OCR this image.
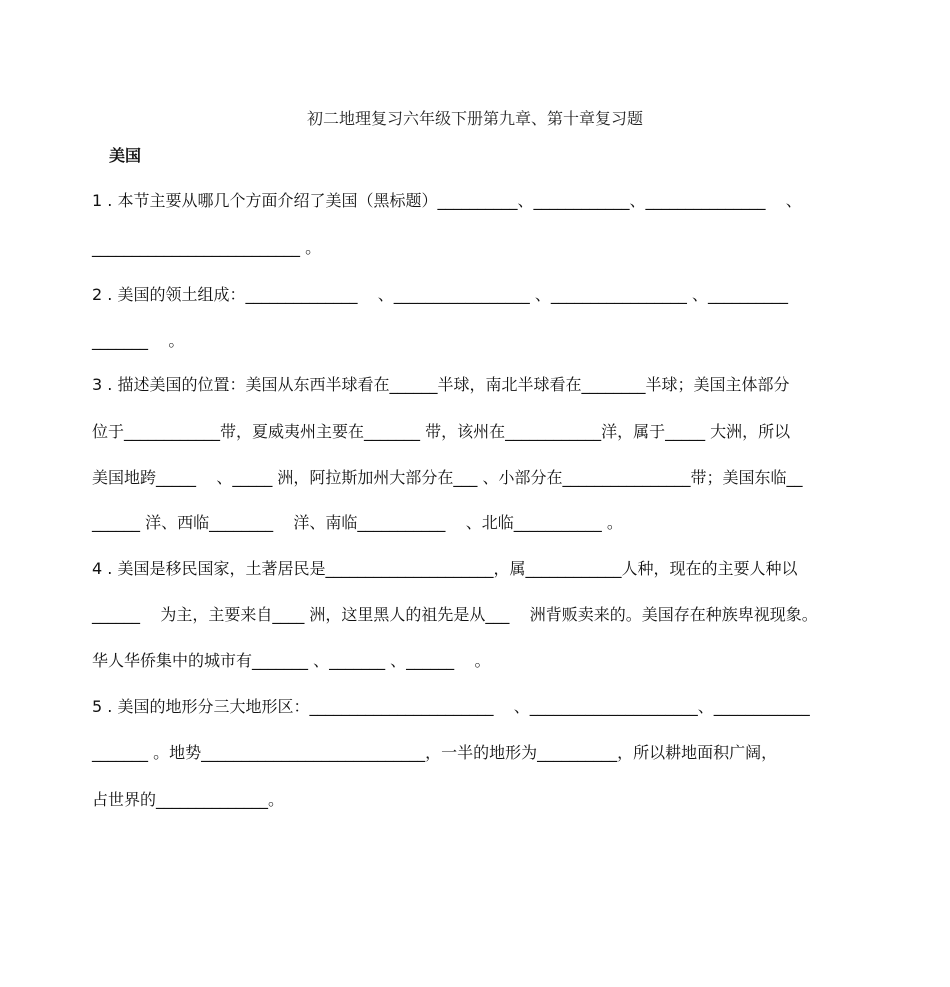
初二地理复习六年级下册第九章、第十章复习题
美国
1 . 本节主要从哪几个方面介绍了美国（黑标题）__________、____________、_______________    、
__________________________ 。
2 . 美国的领土组成：______________    、_________________ 、_________________ 、__________
_______    。
3 . 描述美国的位置：美国从东西半球看在______半球，南北半球看在________半球；美国主体部分
位于____________带，夏威夷州主要在_______ 带，该州在____________洋，属于_____ 大洲，所以
美国地跨_____    、_____ 洲，阿拉斯加州大部分在___ 、小部分在________________带；美国东临__
______ 洋、西临________    洋、南临___________    、北临___________ 。
4 . 美国是移民国家，土著居民是_____________________，属____________人种，现在的主要人种以
______    为主，主要来自____ 洲，这里黑人的祖先是从___    洲背贩卖来的。美国存在种族卑视现象。
华人华侨集中的城市有_______ 、_______ 、______    。
5 . 美国的地形分三大地形区：_______________________    、_____________________、____________
_______ 。地势____________________________，一半的地形为__________，所以耕地面积广阔，
占世界的______________。
